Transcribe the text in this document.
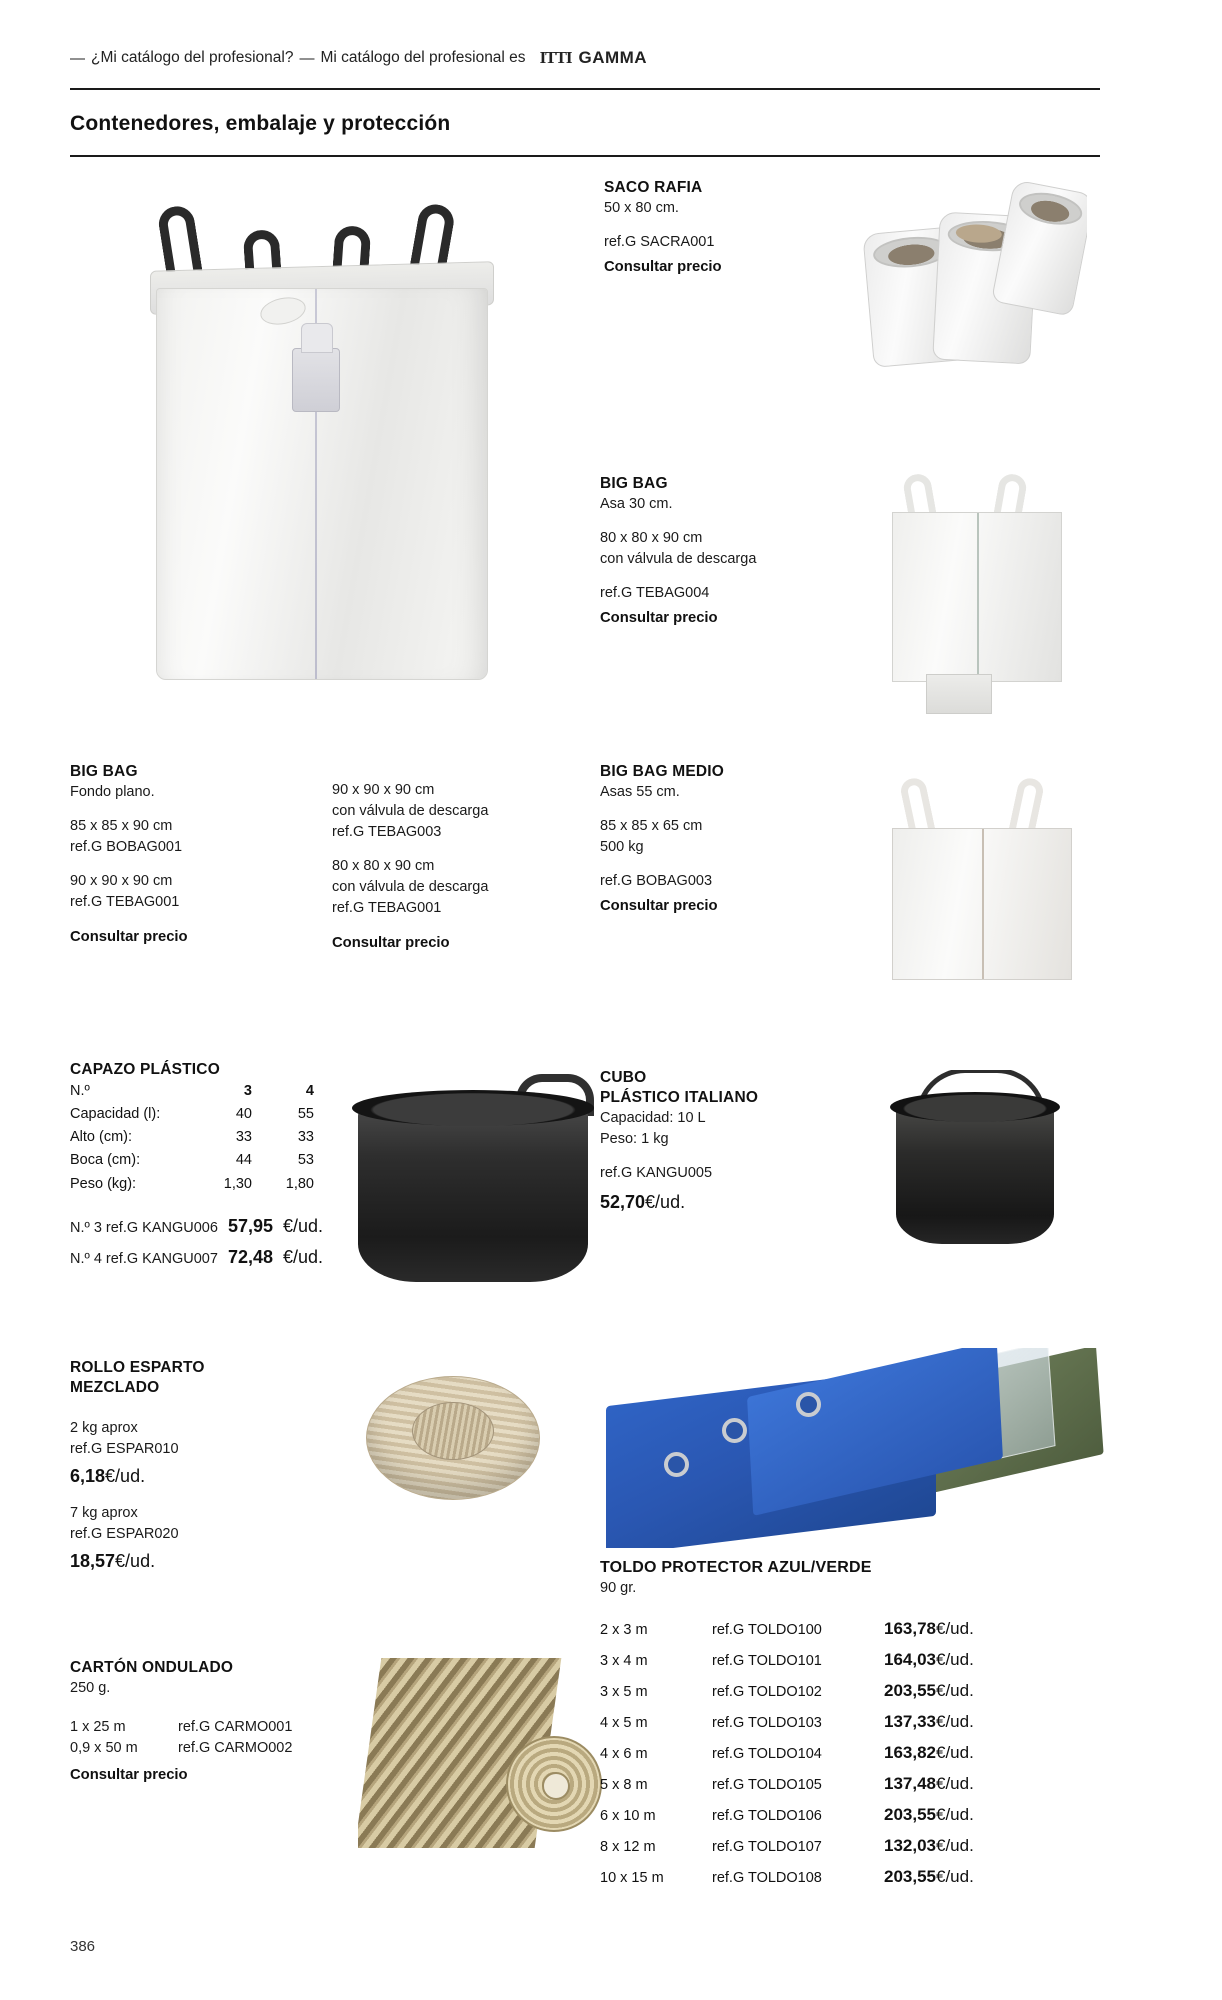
— ¿Mi catálogo del profesional? — Mi catálogo del profesional es ITTI GAMMA
Contenedores, embalaje y protección
SACO RAFIA
50 x 80 cm.
ref.G SACRA001
Consultar precio
BIG BAG
Asa 30 cm.
80 x 80 x 90 cm
con válvula de descarga
ref.G TEBAG004
Consultar precio
BIG BAG
Fondo plano.
85 x 85 x 90 cm
ref.G BOBAG001
90 x 90 x 90 cm
ref.G TEBAG001
Consultar precio
90 x 90 x 90 cm
con válvula de descarga
ref.G TEBAG003
80 x 80 x 90 cm
con válvula de descarga
ref.G TEBAG001
Consultar precio
BIG BAG MEDIO
Asas 55 cm.
85 x 85 x 65 cm
500 kg
ref.G BOBAG003
Consultar precio
CAPAZO PLÁSTICO
N.º	3	4
Capacidad (l):	40	55
Alto (cm):	33	33
Boca (cm):	44	53
Peso (kg):	1,30	1,80
N.º 3 ref.G KANGU006 57,95 €/ud.
N.º 4 ref.G KANGU007 72,48 €/ud.
CUBO
PLÁSTICO ITALIANO
Capacidad: 10 L
Peso: 1 kg
ref.G KANGU005
52,70 €/ud.
ROLLO ESPARTO
MEZCLADO
2 kg aprox
ref.G ESPAR010
6,18 €/ud.
7 kg aprox
ref.G ESPAR020
18,57 €/ud.
CARTÓN ONDULADO
250 g.
1 x 25 m	ref.G CARMO001
0,9 x 50 m	ref.G CARMO002
Consultar precio
TOLDO PROTECTOR AZUL/VERDE
90 gr.
2 x 3 m	ref.G TOLDO100	163,78 €/ud.
3 x 4 m	ref.G TOLDO101	164,03 €/ud.
3 x 5 m	ref.G TOLDO102	203,55 €/ud.
4 x 5 m	ref.G TOLDO103	137,33 €/ud.
4 x 6 m	ref.G TOLDO104	163,82 €/ud.
5 x 8 m	ref.G TOLDO105	137,48 €/ud.
6 x 10 m	ref.G TOLDO106	203,55 €/ud.
8 x 12 m	ref.G TOLDO107	132,03 €/ud.
10 x 15 m	ref.G TOLDO108	203,55 €/ud.
386
